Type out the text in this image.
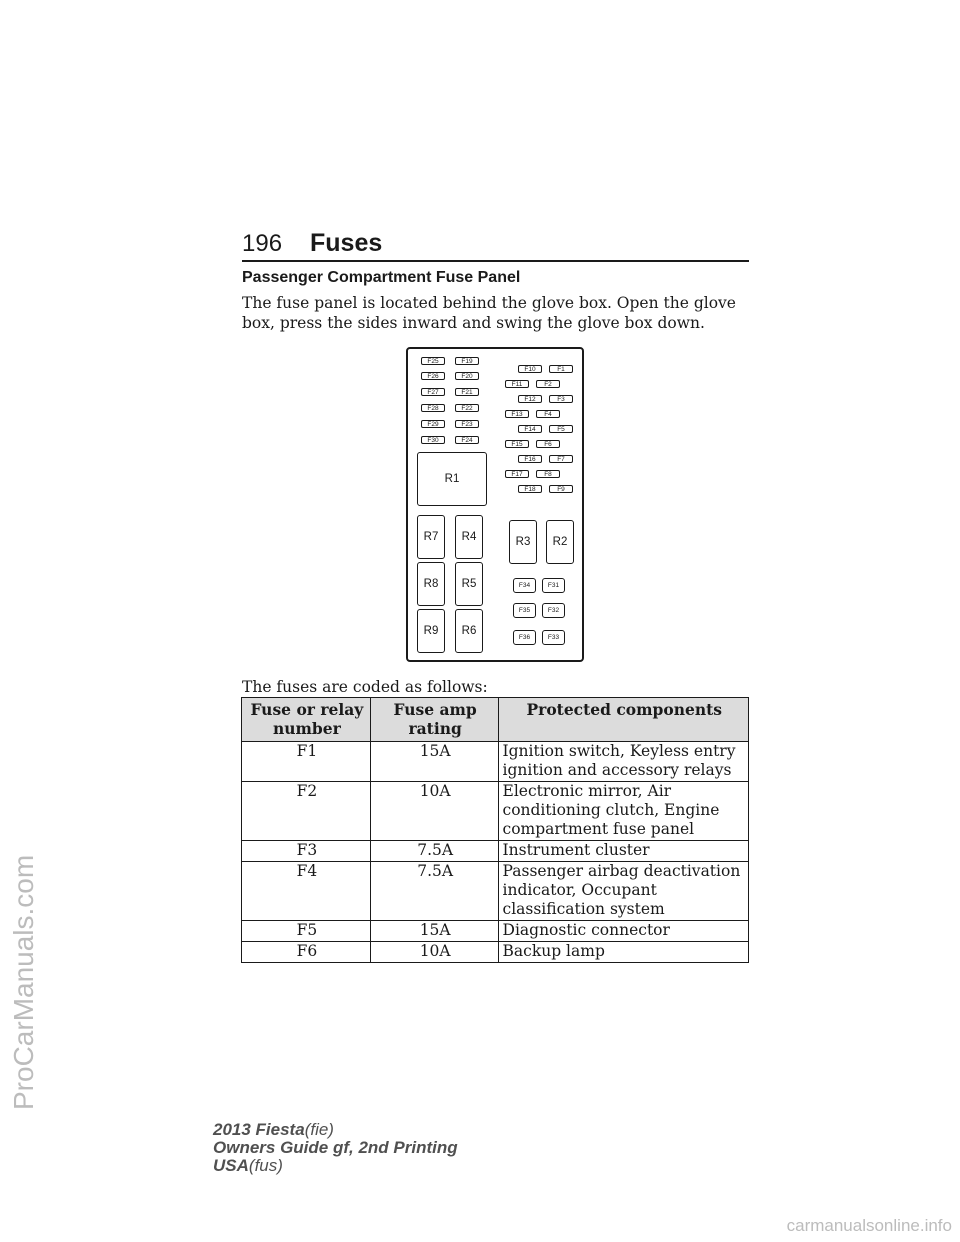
ProCarManuals.com
carmanualsonline.info
196 Fuses
Passenger Compartment Fuse Panel
The fuse panel is located behind the glove box. Open the glove box, press the sides inward and swing the glove box down.
F25	F19
F26	F20
F27	F21
F28	F22
F29	F23
F30	F24
F10	F1
F11	F2
F12	F3
F13	F4
F14	F5
F15	F6
F16	F7
F17	F8
F18	F9
R1
R7	R4	R3	R2
R8	R5
R9	R6
F34	F31
F35	F32
F36	F33
The fuses are coded as follows:
Fuse or relay number	Fuse amp rating	Protected components
F1	15A	Ignition switch, Keyless entry ignition and accessory relays
F2	10A	Electronic mirror, Air conditioning clutch, Engine compartment fuse panel
F3	7.5A	Instrument cluster
F4	7.5A	Passenger airbag deactivation indicator, Occupant classification system
F5	15A	Diagnostic connector
F6	10A	Backup lamp
2013 Fiesta(fie)
Owners Guide gf, 2nd Printing
USA(fus)
